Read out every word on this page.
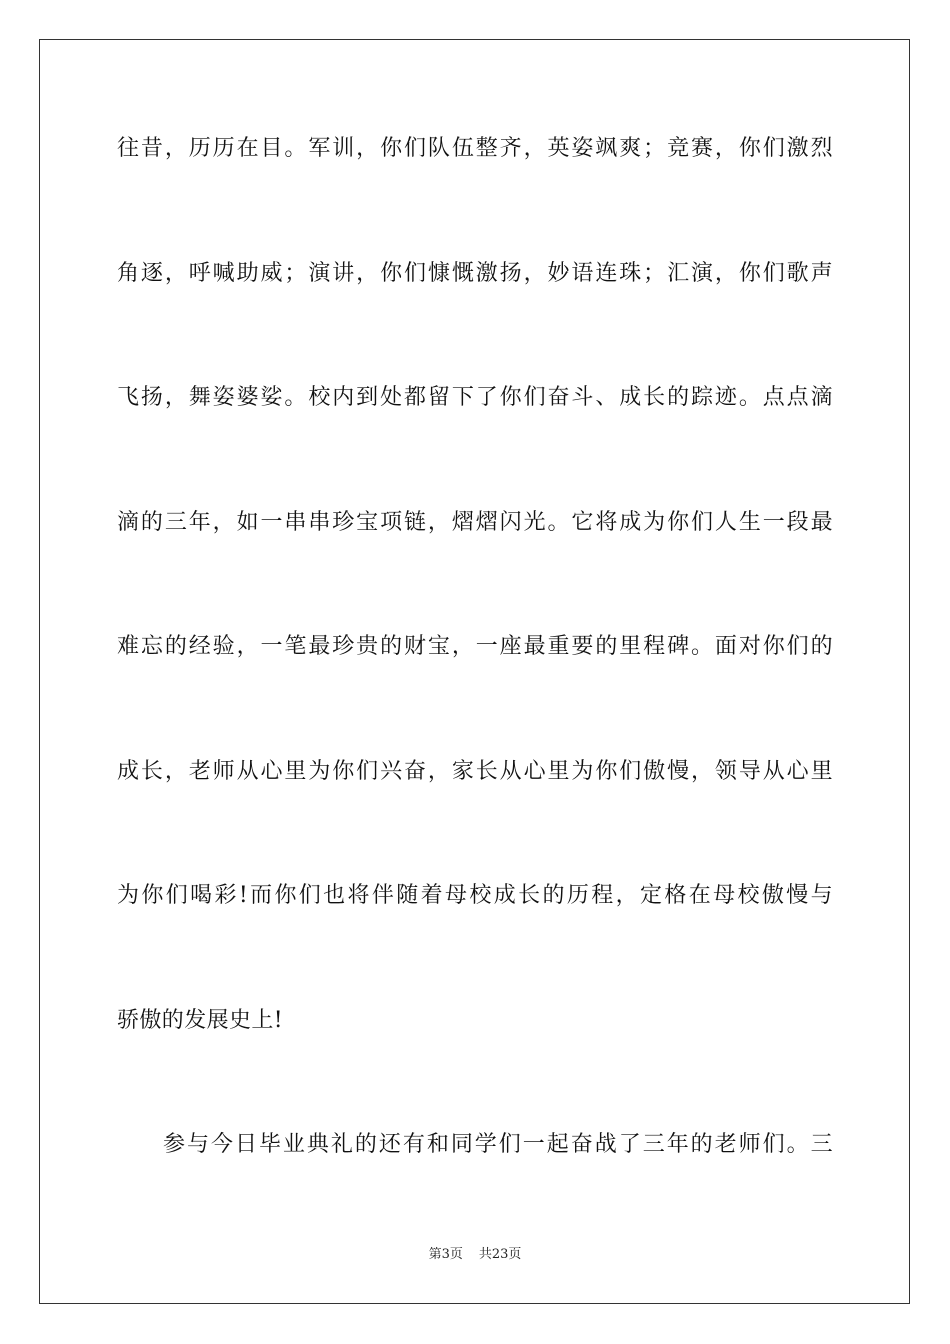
往昔，历历在目。军训，你们队伍整齐，英姿飒爽；竞赛，你们激烈
角逐，呼喊助威；演讲，你们慷慨激扬，妙语连珠；汇演，你们歌声
飞扬，舞姿婆娑。校内到处都留下了你们奋斗、成长的踪迹。点点滴
滴的三年，如一串串珍宝项链，熠熠闪光。它将成为你们人生一段最
难忘的经验，一笔最珍贵的财宝，一座最重要的里程碑。面对你们的
成长，老师从心里为你们兴奋，家长从心里为你们傲慢，领导从心里
为你们喝彩!而你们也将伴随着母校成长的历程，定格在母校傲慢与
骄傲的发展史上!
参与今日毕业典礼的还有和同学们一起奋战了三年的老师们。三
第3页 共23页
